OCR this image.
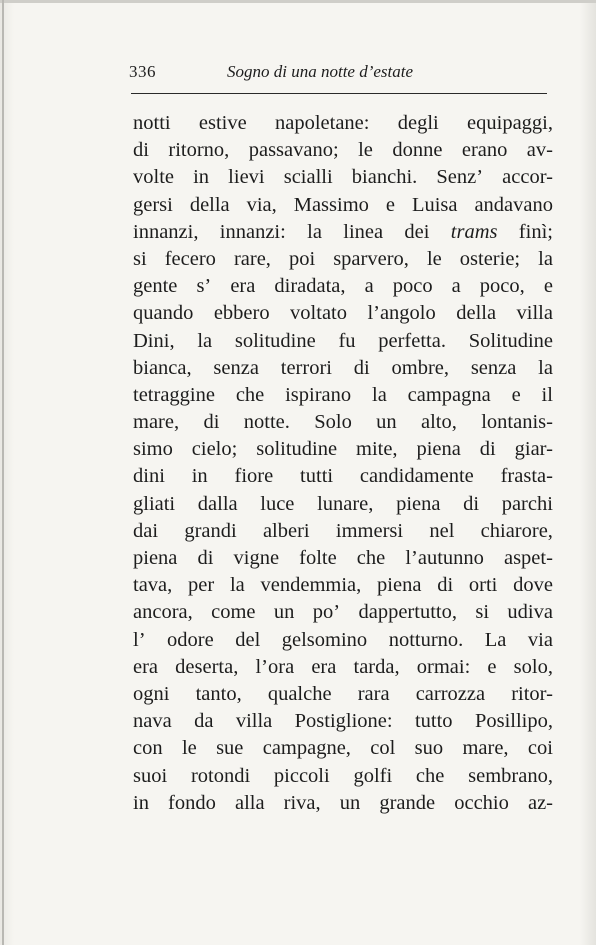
336	Sogno di una notte d’estate
notti estive napoletane: degli equipaggi,
di ritorno, passavano; le donne erano av-
volte in lievi scialli bianchi. Senz’ accor-
gersi della via, Massimo e Luisa andavano
innanzi, innanzi: la linea dei trams finì;
si fecero rare, poi sparvero, le osterie; la
gente s’ era diradata, a poco a poco, e
quando ebbero voltato l’angolo della villa
Dini, la solitudine fu perfetta. Solitudine
bianca, senza terrori di ombre, senza la
tetraggine che ispirano la campagna e il
mare, di notte. Solo un alto, lontanis-
simo cielo; solitudine mite, piena di giar-
dini in fiore tutti candidamente frasta-
gliati dalla luce lunare, piena di parchi
dai grandi alberi immersi nel chiarore,
piena di vigne folte che l’autunno aspet-
tava, per la vendemmia, piena di orti dove
ancora, come un po’ dappertutto, si udiva
l’ odore del gelsomino notturno. La via
era deserta, l’ora era tarda, ormai: e solo,
ogni tanto, qualche rara carrozza ritor-
nava da villa Postiglione: tutto Posillipo,
con le sue campagne, col suo mare, coi
suoi rotondi piccoli golfi che sembrano,
in fondo alla riva, un grande occhio az-
